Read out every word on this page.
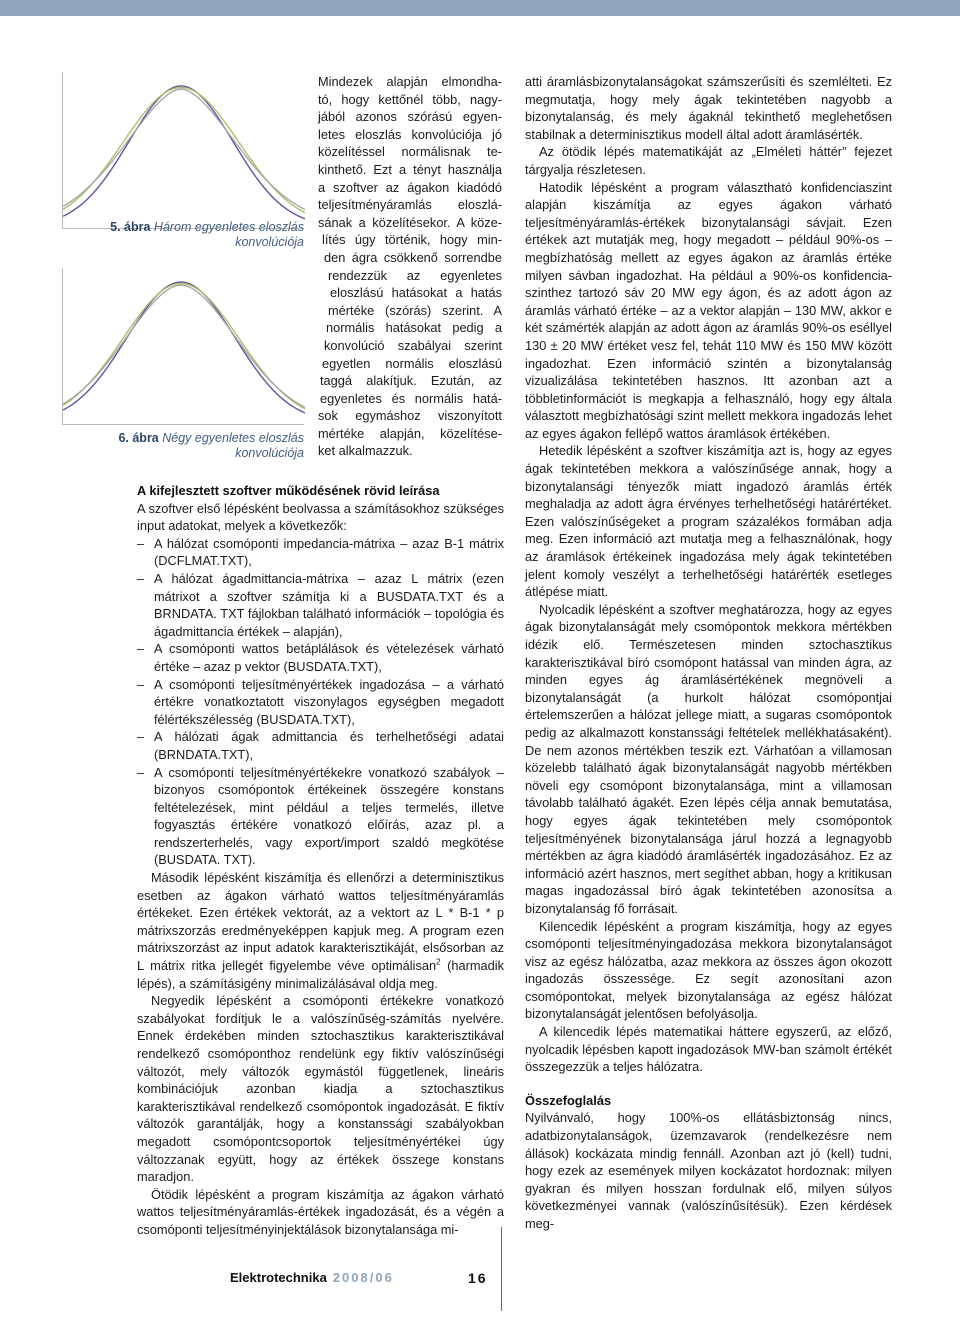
5. ábra Három egyenletes eloszlás
konvolúciója
6. ábra Négy egyenletes eloszlás
konvolúciója
Mindezek alapján elmondha-
tó, hogy kettőnél több, nagy-
jából azonos szórású egyen-
letes eloszlás konvolúciója jó
közelítéssel normálisnak te-
kinthető. Ezt a tényt használja
a szoftver az ágakon kiadódó
teljesítményáramlás eloszlá-
sának a közelítésekor. A köze-
lítés úgy történik, hogy min-
den ágra csökkenő sorrendbe
rendezzük az egyenletes
eloszlású hatásokat a hatás
mértéke (szórás) szerint. A
normális hatásokat pedig a
konvolúció szabályai szerint
egyetlen normális eloszlású
taggá alakítjuk. Ezután, az
egyenletes és normális hatá-
sok egymáshoz viszonyított
mértéke alapján, közelítése-
ket alkalmazzuk.
A kifejlesztett szoftver működésének rövid leírása

A szoftver első lépésként beolvassa a számításokhoz szükséges input adatokat, melyek a következők:

– A hálózat csomóponti impedancia-mátrixa – azaz B-1 mátrix (DCFLMAT.TXT),
– A hálózat ágadmittancia-mátrixa – azaz L mátrix (ezen mátrixot a szoftver számítja ki a BUSDATA.TXT és a BRNDATA. TXT fájlokban található információk – topológia és ágadmittancia értékek – alapján),
– A csomóponti wattos betáplálások és vételezések várható értéke – azaz p vektor (BUSDATA.TXT),
– A csomóponti teljesítményértékek ingadozása – a várható értékre vonatkoztatott viszonylagos egységben megadott félértékszélesség (BUSDATA.TXT),
– A hálózati ágak admittancia és terhelhetőségi adatai (BRNDATA.TXT),
– A csomóponti teljesítményértékekre vonatkozó szabályok – bizonyos csomópontok értékeinek összegére konstans feltételezések, mint például a teljes termelés, illetve fogyasztás értékére vonatkozó előírás, azaz pl. a rendszerterhelés, vagy export/import szaldó megkötése (BUSDATA. TXT).

Második lépésként kiszámítja és ellenőrzi a determinisztikus esetben az ágakon várható wattos teljesítményáramlás értékeket. Ezen értékek vektorát, az a vektort az L * B-1 * p mátrixszorzás eredményeképpen kapjuk meg. A program ezen mátrixszorzást az input adatok karakterisztikáját, elsősorban az L mátrix ritka jellegét figyelembe véve optimálisan$^2$ (harmadik lépés), a számításigény minimalizálásával oldja meg.

Negyedik lépésként a csomóponti értékekre vonatkozó szabályokat fordítjuk le a valószínűség-számítás nyelvére. Ennek érdekében minden sztochasztikus karakterisztikával rendelkező csomóponthoz rendelünk egy fiktív valószínűségi változót, mely változók egymástól függetlenek, lineáris kombinációjuk azonban kiadja a sztochasztikus karakterisztikával rendelkező csomópontok ingadozását. E fiktív változók garantálják, hogy a konstanssági szabályokban megadott csomópontcsoportok teljesítményértékei úgy változzanak együtt, hogy az értékek összege konstans maradjon.

Ötödik lépésként a program kiszámítja az ágakon várható wattos teljesítményáramlás-értékek ingadozását, és a végén a csomóponti teljesítményinjektálások bizonytalansága mi-

atti áramlásbizonytalanságokat számszerűsíti és szemlélteti. Ez megmutatja, hogy mely ágak tekintetében nagyobb a bizonytalanság, és mely ágaknál tekinthető meglehetősen stabilnak a determinisztikus modell által adott áramlásérték.

Az ötödik lépés matematikáját az „Elméleti háttér” fejezet tárgyalja részletesen.

Hatodik lépésként a program választható konfidenciaszint alapján kiszámítja az egyes ágakon várható teljesítményáramlás-értékek bizonytalansági sávjait. Ezen értékek azt mutatják meg, hogy megadott – például 90%-os – megbízhatóság mellett az egyes ágakon az áramlás értéke milyen sávban ingadozhat. Ha például a 90%-os konfidencia-szinthez tartozó sáv 20 MW egy ágon, és az adott ágon az áramlás várható értéke – az a vektor alapján – 130 MW, akkor e két számérték alapján az adott ágon az áramlás 90%-os eséllyel 130 ± 20 MW értéket vesz fel, tehát 110 MW és 150 MW között ingadozhat. Ezen információ szintén a bizonytalanság vizualizálása tekintetében hasznos. Itt azonban azt a többletinformációt is megkapja a felhasználó, hogy egy általa választott megbízhatósági szint mellett mekkora ingadozás lehet az egyes ágakon fellépő wattos áramlások értékében.

Hetedik lépésként a szoftver kiszámítja azt is, hogy az egyes ágak tekintetében mekkora a valószínűsége annak, hogy a bizonytalansági tényezők miatt ingadozó áramlás érték meghaladja az adott ágra érvényes terhelhetőségi határértéket. Ezen valószínűségeket a program százalékos formában adja meg. Ezen információ azt mutatja meg a felhasználónak, hogy az áramlások értékeinek ingadozása mely ágak tekintetében jelent komoly veszélyt a terhelhetőségi határérték esetleges átlépése miatt.

Nyolcadik lépésként a szoftver meghatározza, hogy az egyes ágak bizonytalanságát mely csomópontok mekkora mértékben idézik elő. Természetesen minden sztochasztikus karakterisztikával bíró csomópont hatással van minden ágra, az minden egyes ág áramlásértékének megnöveli a bizonytalanságát (a hurkolt hálózat csomópontjai értelemszerűen a hálózat jellege miatt, a sugaras csomópontok pedig az alkalmazott konstanssági feltételek mellékhatásaként). De nem azonos mértékben teszik ezt. Várhatóan a villamosan közelebb található ágak bizonytalanságát nagyobb mértékben növeli egy csomópont bizonytalansága, mint a villamosan távolabb található ágakét. Ezen lépés célja annak bemutatása, hogy egyes ágak tekintetében mely csomópontok teljesítményének bizonytalansága járul hozzá a legnagyobb mértékben az ágra kiadódó áramlásérték ingadozásához. Ez az információ azért hasznos, mert segíthet abban, hogy a kritikusan magas ingadozással bíró ágak tekintetében azonosítsa a bizonytalanság fő forrásait.

Kilencedik lépésként a program kiszámítja, hogy az egyes csomóponti teljesítményingadozása mekkora bizonytalanságot visz az egész hálózatba, azaz mekkora az összes ágon okozott ingadozás összessége. Ez segít azonosítani azon csomópontokat, melyek bizonytalansága az egész hálózat bizonytalanságát jelentősen befolyásolja.

A kilencedik lépés matematikai háttere egyszerű, az előző, nyolcadik lépésben kapott ingadozások MW-ban számolt értékét összegezzük a teljes hálózatra.

Összefoglalás

Nyilvánvaló, hogy 100%-os ellátásbiztonság nincs, adatbizonytalanságok, üzemzavarok (rendelkezésre nem állások) kockázata mindig fennáll. Azonban azt jó (kell) tudni, hogy ezek az események milyen kockázatot hordoznak: milyen gyakran és milyen hosszan fordulnak elő, milyen súlyos következményei vannak (valószínűsítésük). Ezen kérdések meg-

Elektrotechnika 2008/06	16
